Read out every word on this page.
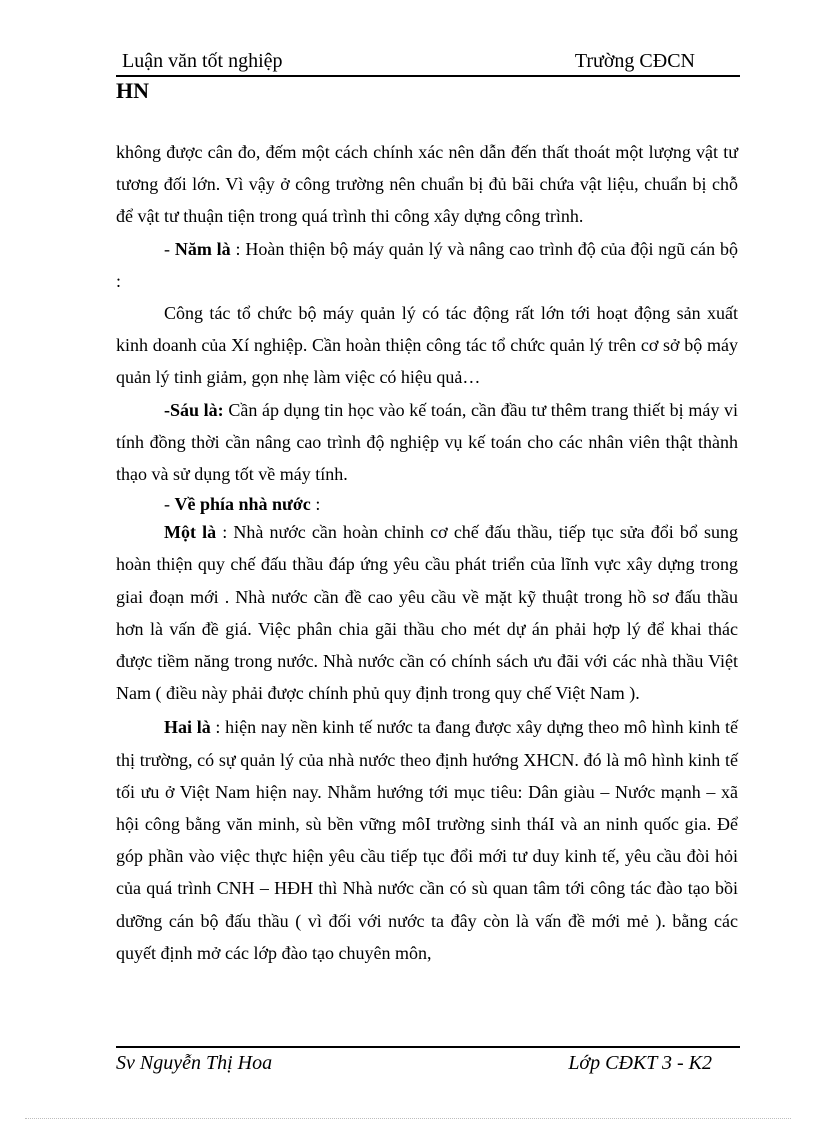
Luận văn tốt nghiệp	Trường CĐCN
HN

không được cân đo, đếm một cách chính xác nên dẫn đến thất thoát một lượng vật tư tương đối lớn. Vì vậy ở công trường nên chuẩn bị đủ bãi chứa vật liệu, chuẩn bị chỗ để vật tư thuận tiện trong quá trình thi công xây dựng công trình.

- Năm là : Hoàn thiện bộ máy quản lý và nâng cao trình độ của đội ngũ cán bộ :

Công tác tổ chức bộ máy quản lý có tác động rất lớn tới hoạt động sản xuất kinh doanh của Xí nghiệp. Cần hoàn thiện công tác tổ chức quản lý trên cơ sở bộ máy quản lý tinh giảm, gọn nhẹ làm việc có hiệu quả…

-Sáu là: Cần áp dụng tin học vào kế toán, cần đầu tư thêm trang thiết bị máy vi tính đồng thời cần nâng cao trình độ nghiệp vụ kế toán cho các nhân viên thật thành thạo và sử dụng tốt về máy tính.

- Về phía nhà nước :

Một là : Nhà nước cần hoàn chỉnh cơ chế đấu thầu, tiếp tục sửa đổi bổ sung hoàn thiện quy chế đấu thầu đáp ứng yêu cầu phát triển của lĩnh vực xây dựng trong giai đoạn mới . Nhà nước cần đề cao yêu cầu về mặt kỹ thuật trong hồ sơ đấu thầu hơn là vấn đề giá. Việc phân chia gãi thầu cho mét dự án phải hợp lý để khai thác được tiềm năng trong nước. Nhà nước cần có chính sách ưu đãi với các nhà thầu Việt Nam ( điều này phải được chính phủ quy định trong quy chế Việt Nam ).

Hai là : hiện nay nền kinh tế nước ta đang được xây dựng theo mô hình kinh tế thị trường, có sự quản lý của nhà nước theo định hướng XHCN. đó là mô hình kinh tế tối ưu ở Việt Nam hiện nay. Nhằm hướng tới mục tiêu: Dân giàu – Nước mạnh – xã hội công bằng văn minh, sù bền vững môI trường sinh tháI và an ninh quốc gia. Để góp phần vào việc thực hiện yêu cầu tiếp tục đổi mới tư duy kinh tế, yêu cầu đòi hỏi của quá trình CNH – HĐH thì Nhà nước cần có sù quan tâm tới công tác đào tạo bồi dưỡng cán bộ đấu thầu ( vì đối với nước ta đây còn là vấn đề mới mẻ ). bằng các quyết định mở các lớp đào tạo chuyên môn,

Sv Nguyễn Thị Hoa	Lớp CĐKT 3 - K2
